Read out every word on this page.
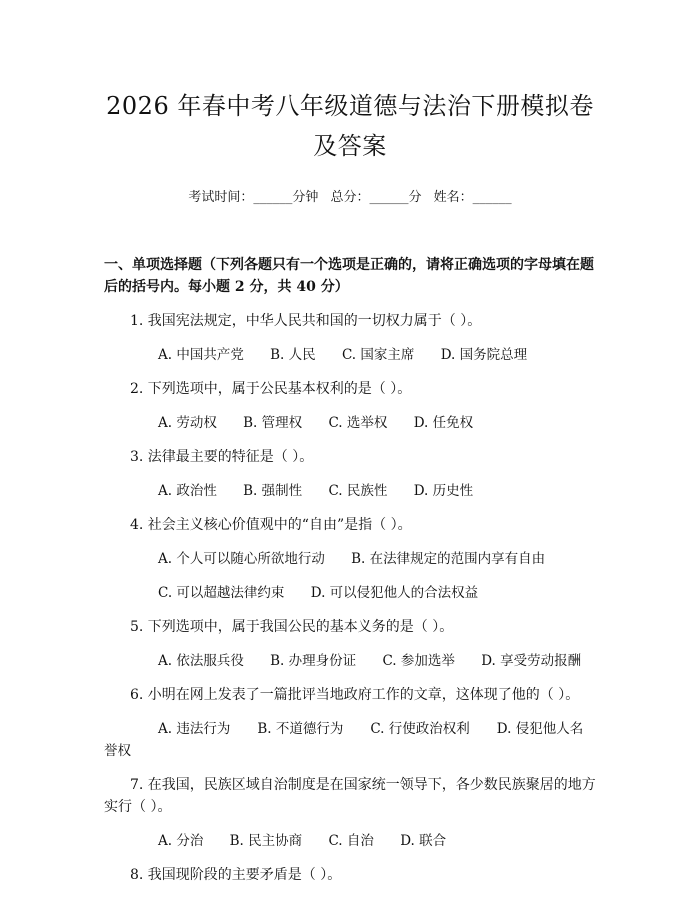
2026 年春中考八年级道德与法治下册模拟卷
及答案
考试时间：______分钟 总分：______分 姓名：______
一、单项选择题（下列各题只有一个选项是正确的，请将正确选项的字母填在题后的括号内。每小题 2 分，共 40 分）
1. 我国宪法规定，中华人民共和国的一切权力属于（ ）。
A. 中国共产党 B. 人民 C. 国家主席 D. 国务院总理
2. 下列选项中，属于公民基本权利的是（ ）。
A. 劳动权 B. 管理权 C. 选举权 D. 任免权
3. 法律最主要的特征是（ ）。
A. 政治性 B. 强制性 C. 民族性 D. 历史性
4. 社会主义核心价值观中的“自由”是指（ ）。
A. 个人可以随心所欲地行动 B. 在法律规定的范围内享有自由
C. 可以超越法律约束 D. 可以侵犯他人的合法权益
5. 下列选项中，属于我国公民的基本义务的是（ ）。
A. 依法服兵役 B. 办理身份证 C. 参加选举 D. 享受劳动报酬
6. 小明在网上发表了一篇批评当地政府工作的文章，这体现了他的（ ）。
A. 违法行为　　B. 不道德行为　　C. 行使政治权利　　D. 侵犯他人名誉权
7. 在我国，民族区域自治制度是在国家统一领导下，各少数民族聚居的地方实行（ ）。
A. 分治 B. 民主协商 C. 自治 D. 联合
8. 我国现阶段的主要矛盾是（ ）。
